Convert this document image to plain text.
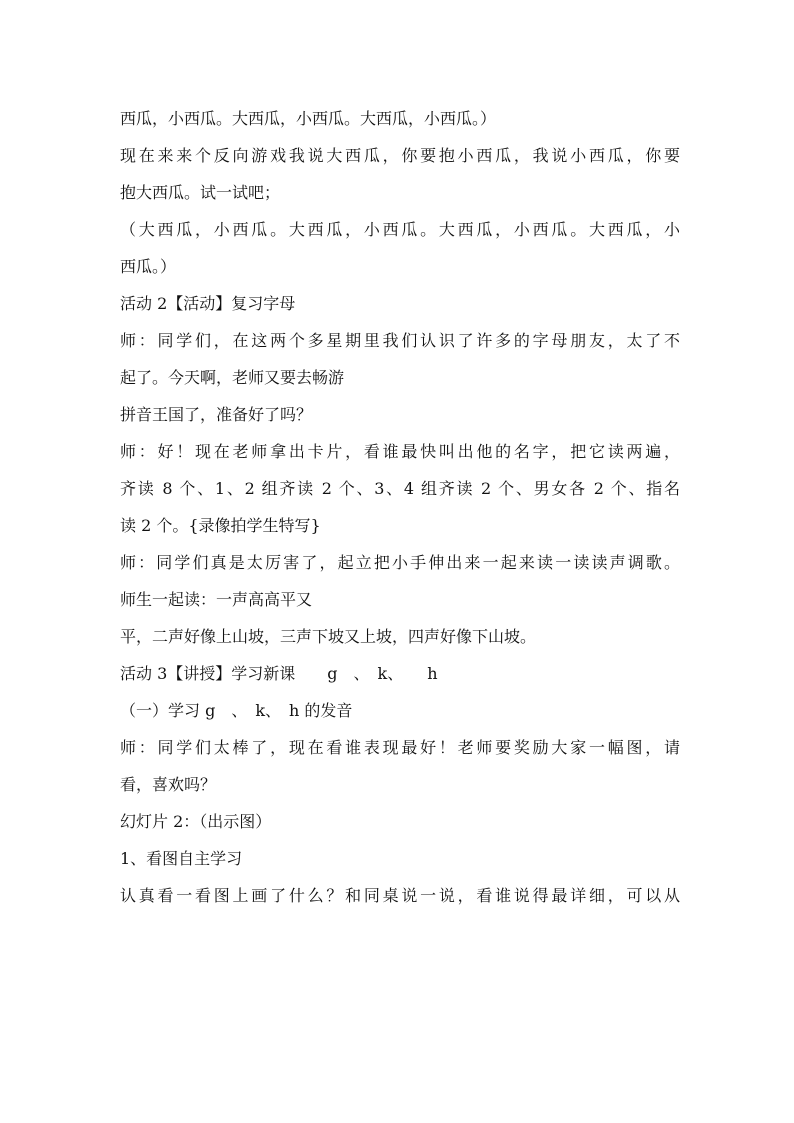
西瓜，小西瓜。大西瓜，小西瓜。大西瓜，小西瓜。）
现在来来个反向游戏我说大西瓜，你要抱小西瓜，我说小西瓜，你要
抱大西瓜。试一试吧；
（大西瓜，小西瓜。大西瓜，小西瓜。大西瓜，小西瓜。大西瓜，小
西瓜。）
活动 2【活动】复习字母
师：同学们，在这两个多星期里我们认识了许多的字母朋友，太了不
起了。今天啊，老师又要去畅游
拼音王国了，准备好了吗？
师：好！现在老师拿出卡片，看谁最快叫出他的名字，把它读两遍，
齐读 8 个、1、2 组齐读 2 个、3、4 组齐读 2 个、男女各 2 个、指名
读 2 个。{录像拍学生特写}
师：同学们真是太厉害了，起立把小手伸出来一起来读一读读声调歌。
师生一起读：一声高高平又
平，二声好像上山坡，三声下坡又上坡，四声好像下山坡。
活动 3【讲授】学习新课　　g　、　k、　　h
（一）学习 g　、　k、　h 的发音
师：同学们太棒了，现在看谁表现最好！老师要奖励大家一幅图，请
看，喜欢吗？
幻灯片 2：（出示图）
1、看图自主学习
认真看一看图上画了什么？和同桌说一说，看谁说得最详细，可以从
